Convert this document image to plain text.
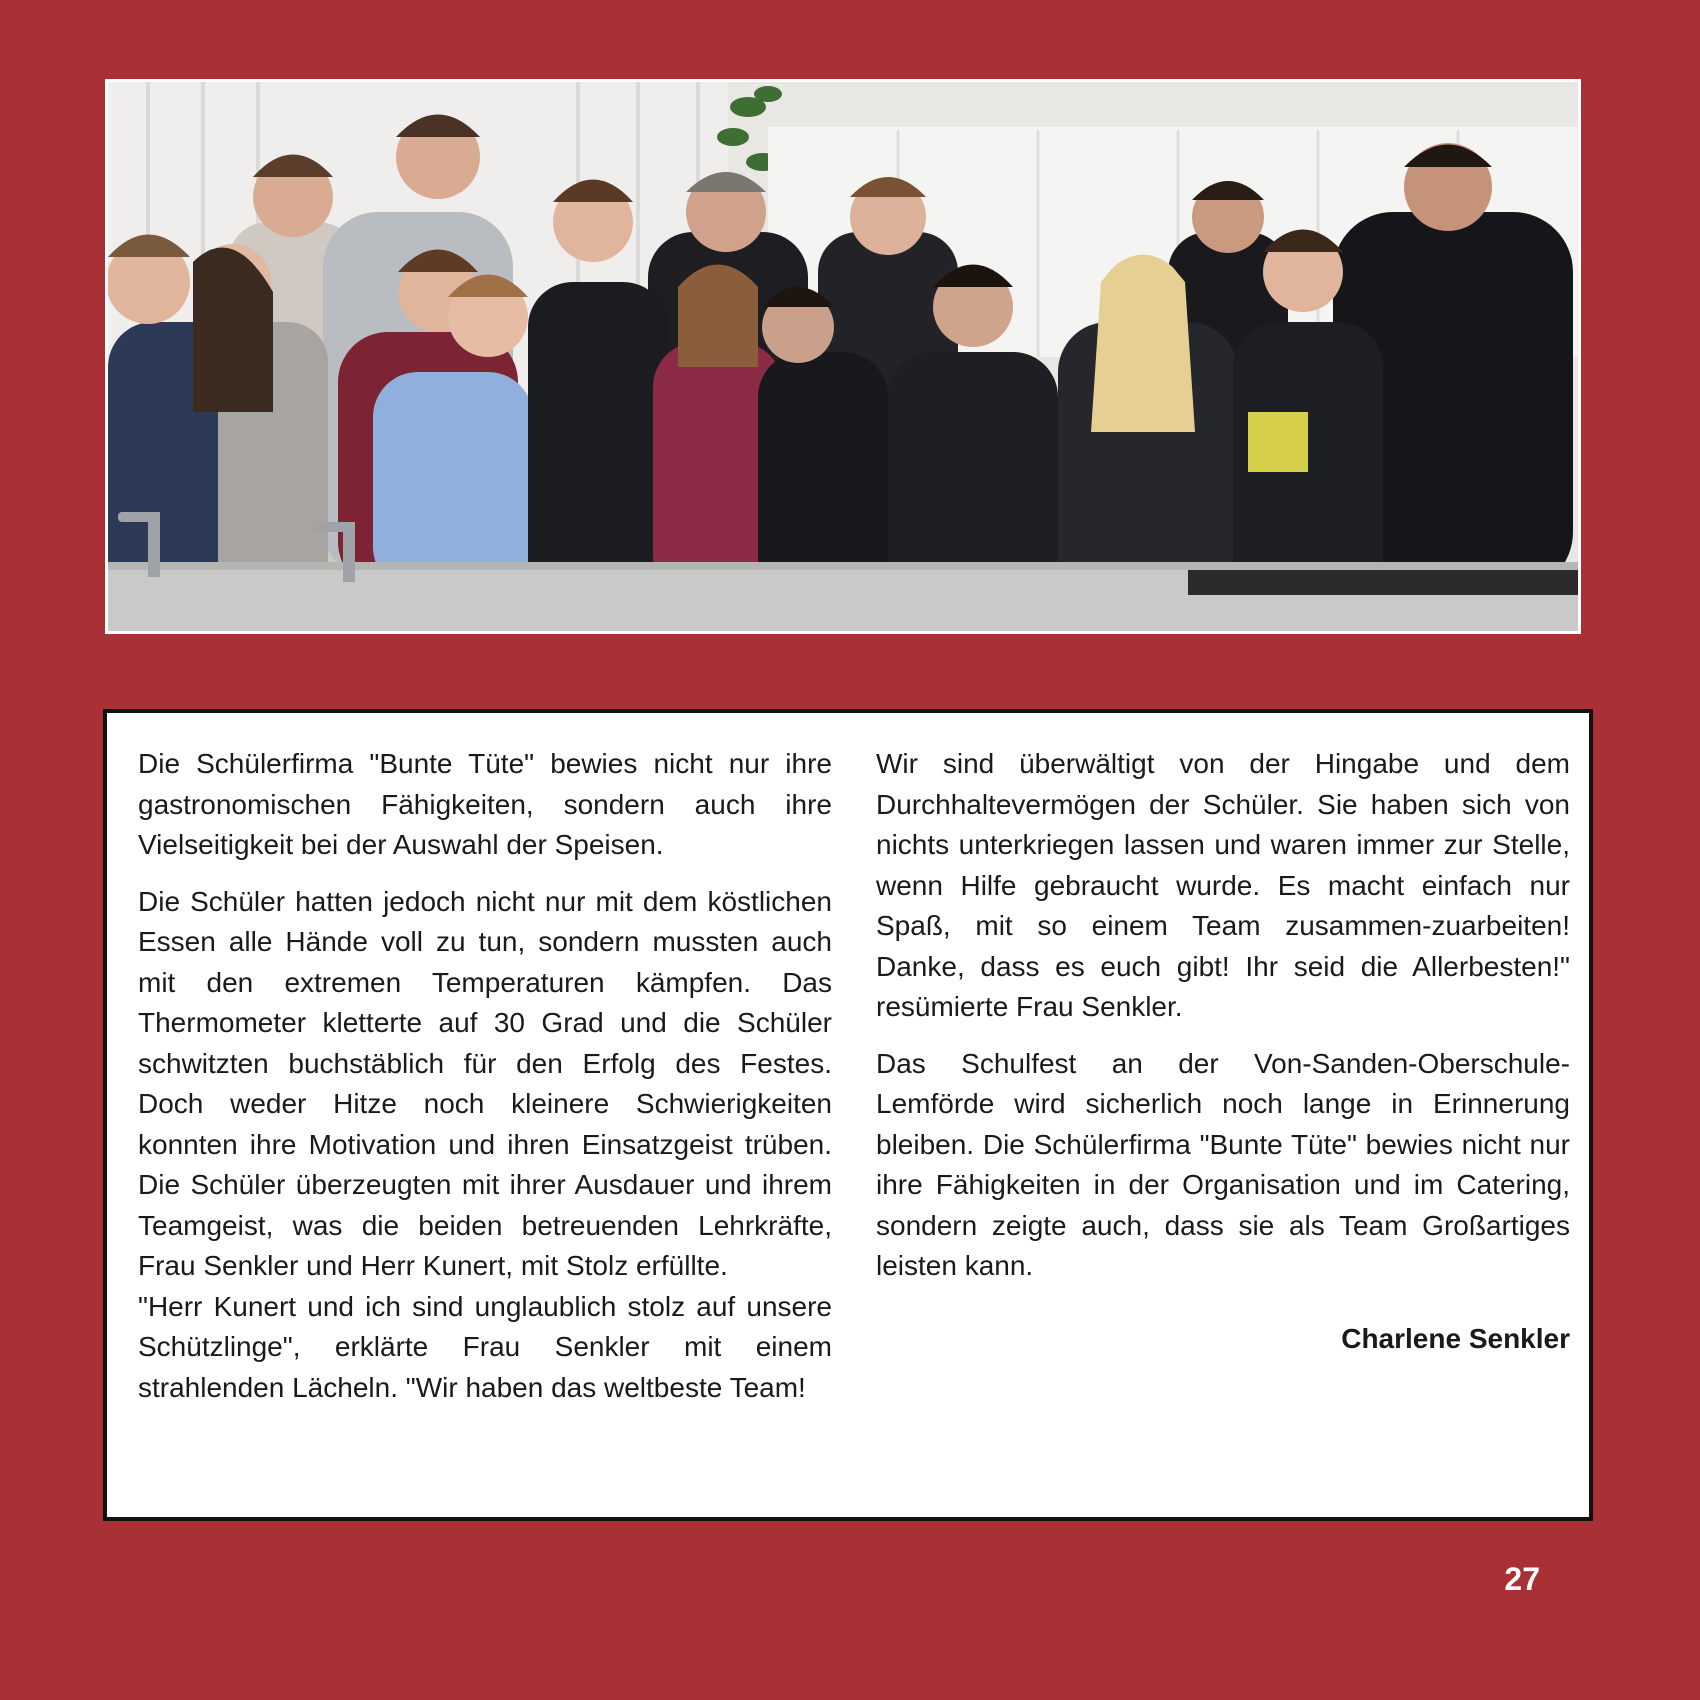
Die Schülerfirma "Bunte Tüte" bewies nicht nur ihre gastronomischen Fähigkeiten, sondern auch ihre Vielseitigkeit bei der Auswahl der Speisen.

Die Schüler hatten jedoch nicht nur mit dem köstlichen Essen alle Hände voll zu tun, sondern mussten auch mit den extremen Temperaturen kämpfen. Das Thermometer kletterte auf 30 Grad und die Schüler schwitzten buchstäblich für den Erfolg des Festes. Doch weder Hitze noch kleinere Schwierigkeiten konnten ihre Motivation und ihren Einsatzgeist trüben. Die Schüler überzeugten mit ihrer Ausdauer und ihrem Teamgeist, was die beiden betreuenden Lehrkräfte, Frau Senkler und Herr Kunert, mit Stolz erfüllte.

"Herr Kunert und ich sind unglaublich stolz auf unsere Schützlinge", erklärte Frau Senkler mit einem strahlenden Lächeln. "Wir haben das weltbeste Team!

Wir sind überwältigt von der Hingabe und dem Durchhaltevermögen der Schüler. Sie haben sich von nichts unterkriegen lassen und waren immer zur Stelle, wenn Hilfe gebraucht wurde. Es macht einfach nur Spaß, mit so einem Team zusammen-zuarbeiten! Danke, dass es euch gibt! Ihr seid die Allerbesten!" resümierte Frau Senkler.

Das Schulfest an der Von-Sanden-Oberschule-Lemförde wird sicherlich noch lange in Erinnerung bleiben. Die Schülerfirma "Bunte Tüte" bewies nicht nur ihre Fähigkeiten in der Organisation und im Catering, sondern zeigte auch, dass sie als Team Großartiges leisten kann.

Charlene Senkler
27
